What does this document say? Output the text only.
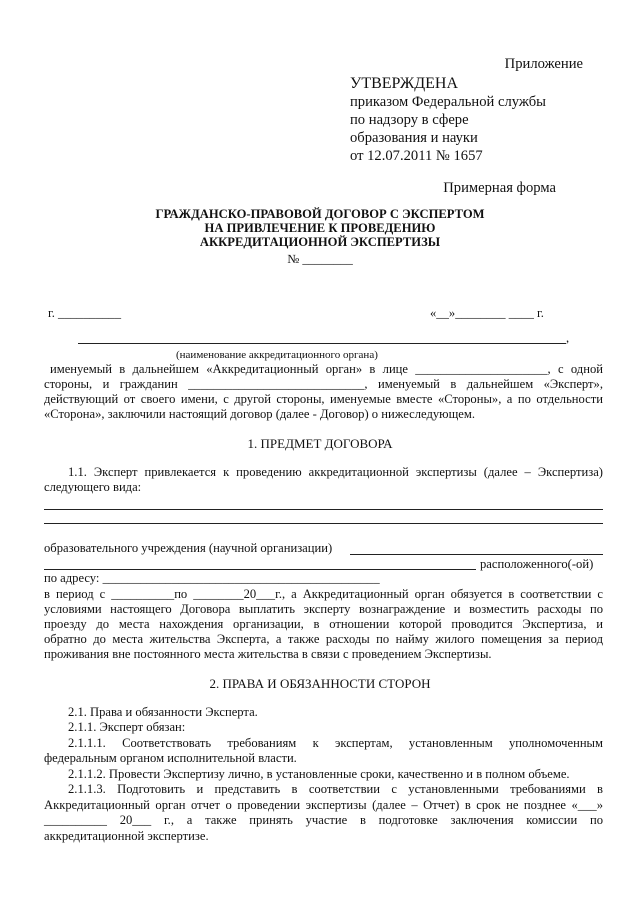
Приложение
УТВЕРЖДЕНА
приказом Федеральной службы
по надзору в сфере
образования и науки
от 12.07.2011 № 1657
Примерная форма
ГРАЖДАНСКО-ПРАВОВОЙ ДОГОВОР С ЭКСПЕРТОМ
НА ПРИВЛЕЧЕНИЕ К ПРОВЕДЕНИЮ
АККРЕДИТАЦИОННОЙ ЭКСПЕРТИЗЫ
№ ________
г. __________	«__»________ ____ г.
,
(наименование аккредитационного органа)
именуемый в дальнейшем «Аккредитационный орган» в лице _____________________, с одной
стороны, и гражданин ____________________________, именуемый в дальнейшем «Эксперт»,
действующий от своего имени, с другой стороны, именуемые вместе «Стороны», а по отдельности
«Сторона», заключили настоящий договор (далее - Договор) о нижеследующем.
1. ПРЕДМЕТ ДОГОВОРА
1.1. Эксперт привлекается к проведению аккредитационной экспертизы (далее – Экспертиза)
следующего вида:
образовательного учреждения (научной организации)
расположенного(-ой)
по адресу: ____________________________________________
в период с __________по ________20___г., а Аккредитационный орган обязуется в соответствии с
условиями настоящего Договора выплатить эксперту вознаграждение и возместить расходы по
проезду до места нахождения организации, в отношении которой проводится Экспертиза, и
обратно до места жительства Эксперта, а также расходы по найму жилого помещения за период
проживания вне постоянного места жительства в связи с проведением Экспертизы.
2. ПРАВА И ОБЯЗАННОСТИ СТОРОН
2.1. Права и обязанности Эксперта.
2.1.1. Эксперт обязан:
2.1.1.1. Соответствовать требованиям к экспертам, установленным уполномоченным
федеральным органом исполнительной власти.
2.1.1.2. Провести Экспертизу лично, в установленные сроки, качественно и в полном объеме.
2.1.1.3. Подготовить и представить в соответствии с установленными требованиями в
Аккредитационный орган отчет о проведении экспертизы (далее – Отчет) в срок не позднее «___»
__________ 20___ г., а также принять участие в подготовке заключения комиссии по
аккредитационной экспертизе.
